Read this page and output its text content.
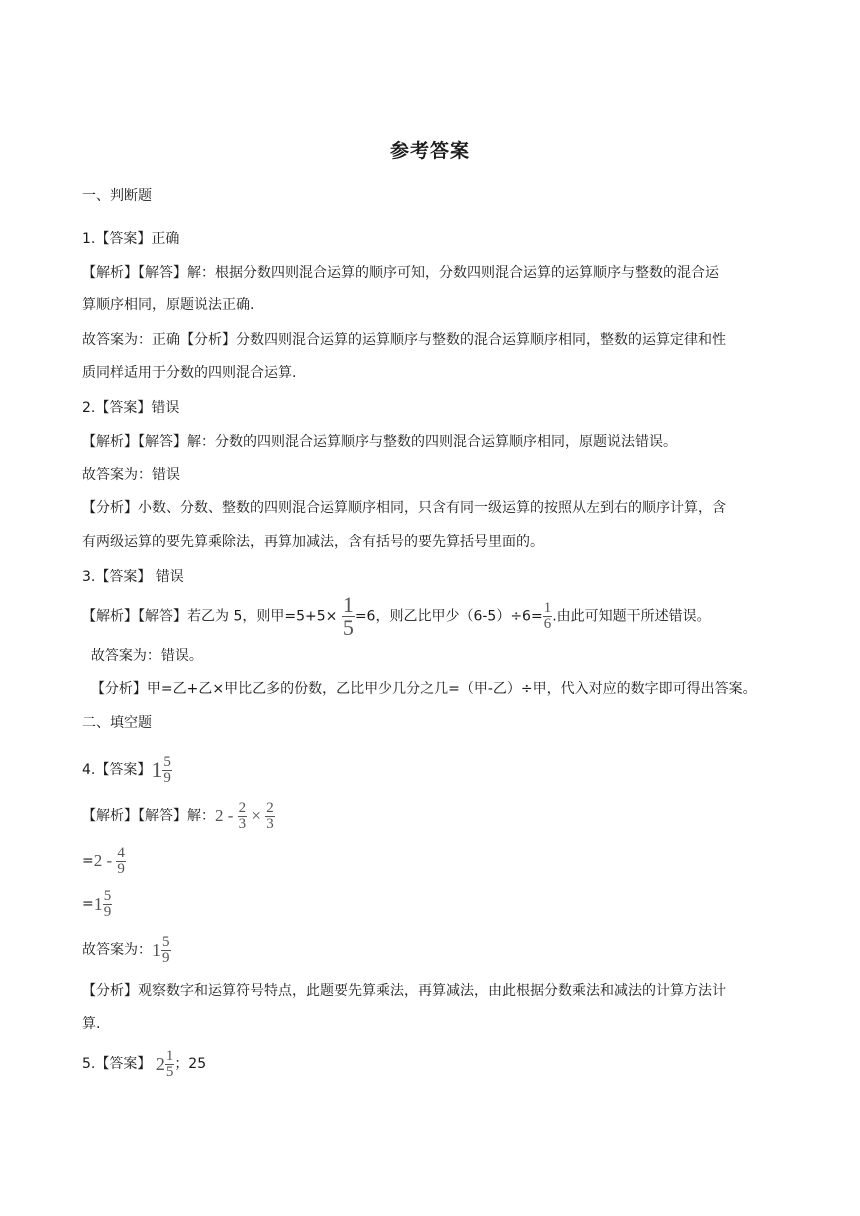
参考答案
一、判断题
1.【答案】正确
【解析】【解答】解：根据分数四则混合运算的顺序可知，分数四则混合运算的运算顺序与整数的混合运
算顺序相同，原题说法正确.
故答案为：正确【分析】分数四则混合运算的运算顺序与整数的混合运算顺序相同，整数的运算定律和性
质同样适用于分数的四则混合运算.
2.【答案】错误
【解析】【解答】解：分数的四则混合运算顺序与整数的四则混合运算顺序相同，原题说法错误。
故答案为：错误
【分析】小数、分数、整数的四则混合运算顺序相同，只含有同一级运算的按照从左到右的顺序计算，含
有两级运算的要先算乘除法，再算加减法，含有括号的要先算括号里面的。
3.【答案】 错误
【解析】【解答】若乙为 5，则甲$=5+5\times \frac{1}{5} =6$，则乙比甲少$(6-5)\div 6= \frac{1}{6}$ .由此可知题干所述错误。
故答案为：错误。
【分析】甲=乙+乙×甲比乙多的份数，乙比甲少几分之几=（甲-乙）÷甲，代入对应的数字即可得出答案。
二、填空题
4.【答案】$1 \frac{5}{9}$
【解析】【解答】解：$2 - \frac{2}{3} \times \frac{2}{3}$
$=2 - \frac{4}{9}$
$=1 \frac{5}{9}$
故答案为：$1 \frac{5}{9}$
【分析】观察数字和运算符号特点，此题要先算乘法，再算减法，由此根据分数乘法和减法的计算方法计
算.
5.【答案】 $2 \frac{1}{5}$ ；25
